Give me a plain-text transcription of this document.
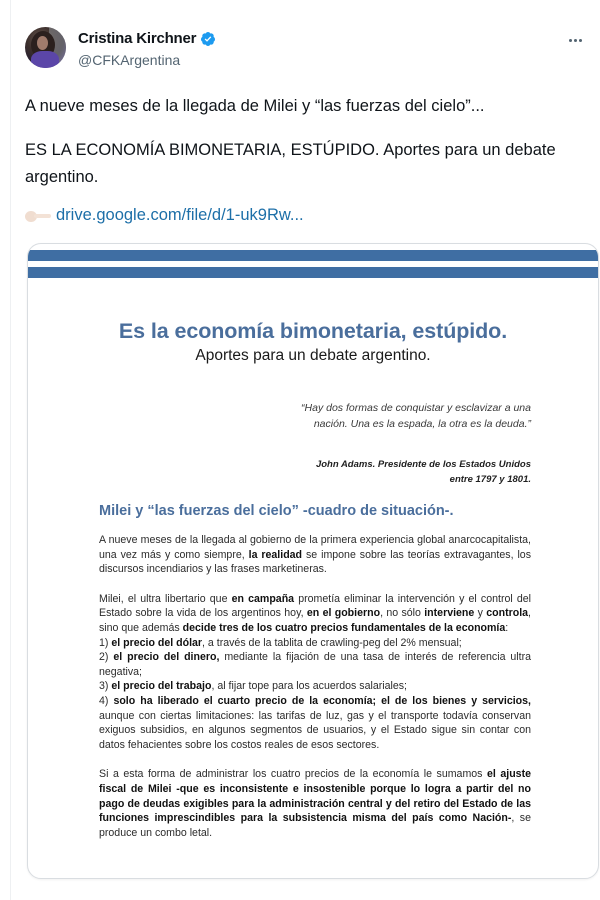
Cristina Kirchner
@CFKArgentina

A nueve meses de la llegada de Milei y “las fuerzas del cielo”...

ES LA ECONOMÍA BIMONETARIA, ESTÚPIDO. Aportes para un debate argentino.

drive.google.com/file/d/1-uk9Rw...
Es la economía bimonetaria, estúpido.
Aportes para un debate argentino.
“Hay dos formas de conquistar y esclavizar a una nación. Una es la espada, la otra es la deuda.”
John Adams. Presidente de los Estados Unidos entre 1797 y 1801.
Milei y “las fuerzas del cielo” -cuadro de situación-.

A nueve meses de la llegada al gobierno de la primera experiencia global anarcocapitalista, una vez más y como siempre, la realidad se impone sobre las teorías extravagantes, los discursos incendiarios y las frases marketineras.

Milei, el ultra libertario que en campaña prometía eliminar la intervención y el control del Estado sobre la vida de los argentinos hoy, en el gobierno, no sólo interviene y controla, sino que además decide tres de los cuatro precios fundamentales de la economía:

1) el precio del dólar, a través de la tablita de crawling-peg del 2% mensual;
2) el precio del dinero, mediante la fijación de una tasa de interés de referencia ultra negativa;
3) el precio del trabajo, al fijar tope para los acuerdos salariales;
4) solo ha liberado el cuarto precio de la economía; el de los bienes y servicios, aunque con ciertas limitaciones: las tarifas de luz, gas y el transporte todavía conservan exiguos subsidios, en algunos segmentos de usuarios, y el Estado sigue sin contar con datos fehacientes sobre los costos reales de esos sectores.

Si a esta forma de administrar los cuatro precios de la economía le sumamos el ajuste fiscal de Milei -que es inconsistente e insostenible porque lo logra a partir del no pago de deudas exigibles para la administración central y del retiro del Estado de las funciones imprescindibles para la subsistencia misma del país como Nación-, se produce un combo letal.
